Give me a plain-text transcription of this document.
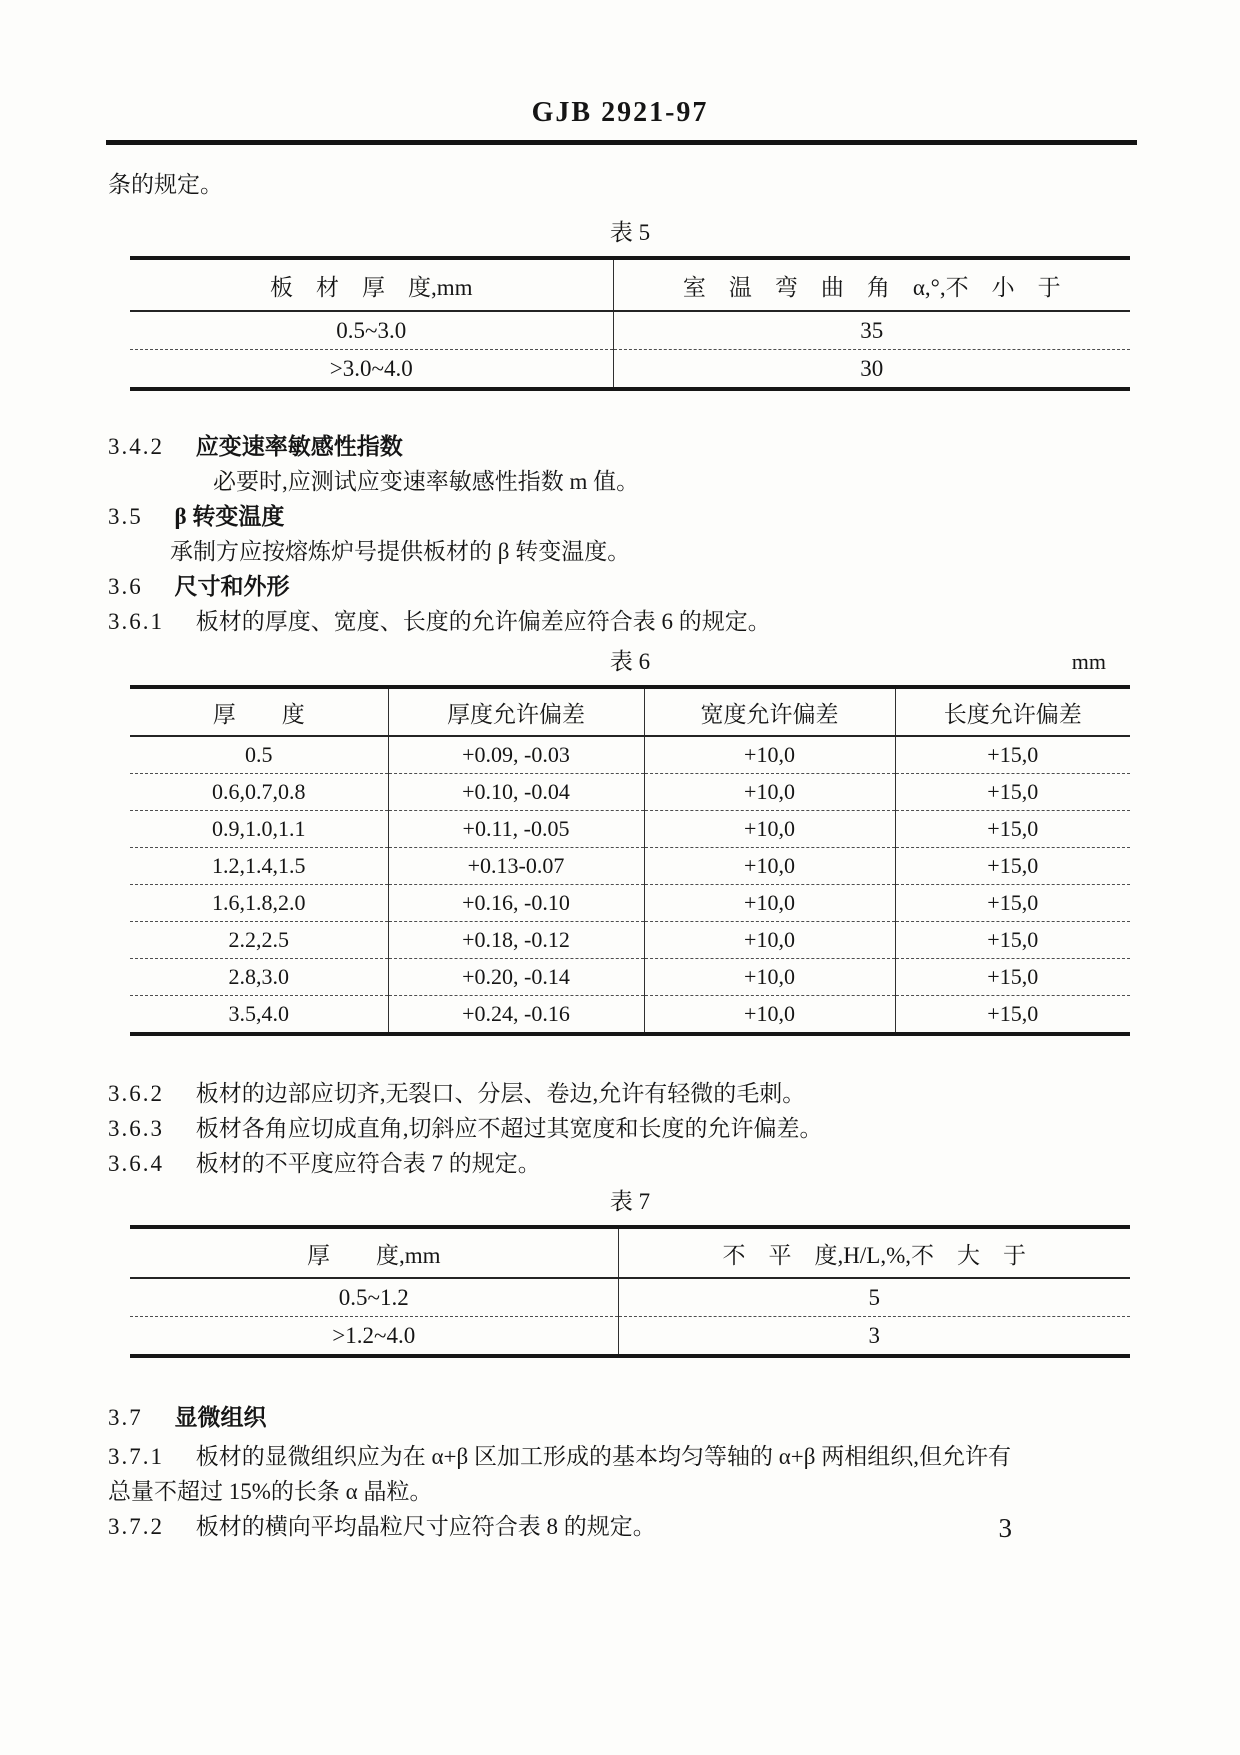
GJB 2921-97

条的规定。

表 5

板　材　厚　度,mm	室　温　弯　曲　角　α,°,不　小　于
0.5~3.0	35
>3.0~4.0	30

3.4.2 应变速率敏感性指数

必要时,应测试应变速率敏感性指数 m 值。

3.5 β 转变温度

承制方应按熔炼炉号提供板材的 β 转变温度。

3.6 尺寸和外形

3.6.1 板材的厚度、宽度、长度的允许偏差应符合表 6 的规定。

表 6	mm
厚　　度	厚度允许偏差	宽度允许偏差	长度允许偏差
0.5	+0.09, -0.03	+10,0	+15,0
0.6,0.7,0.8	+0.10, -0.04	+10,0	+15,0
0.9,1.0,1.1	+0.11, -0.05	+10,0	+15,0
1.2,1.4,1.5	+0.13-0.07	+10,0	+15,0
1.6,1.8,2.0	+0.16, -0.10	+10,0	+15,0
2.2,2.5	+0.18, -0.12	+10,0	+15,0
2.8,3.0	+0.20, -0.14	+10,0	+15,0
3.5,4.0	+0.24, -0.16	+10,0	+15,0

3.6.2 板材的边部应切齐,无裂口、分层、卷边,允许有轻微的毛刺。

3.6.3 板材各角应切成直角,切斜应不超过其宽度和长度的允许偏差。

3.6.4 板材的不平度应符合表 7 的规定。

表 7

厚　　度,mm	不　平　度,H/L,%,不　大　于
0.5~1.2	5
>1.2~4.0	3

3.7 显微组织

3.7.1 板材的显微组织应为在 α+β 区加工形成的基本均匀等轴的 α+β 两相组织,但允许有

总量不超过 15%的长条 α 晶粒。

3.7.2 板材的横向平均晶粒尺寸应符合表 8 的规定。	3
